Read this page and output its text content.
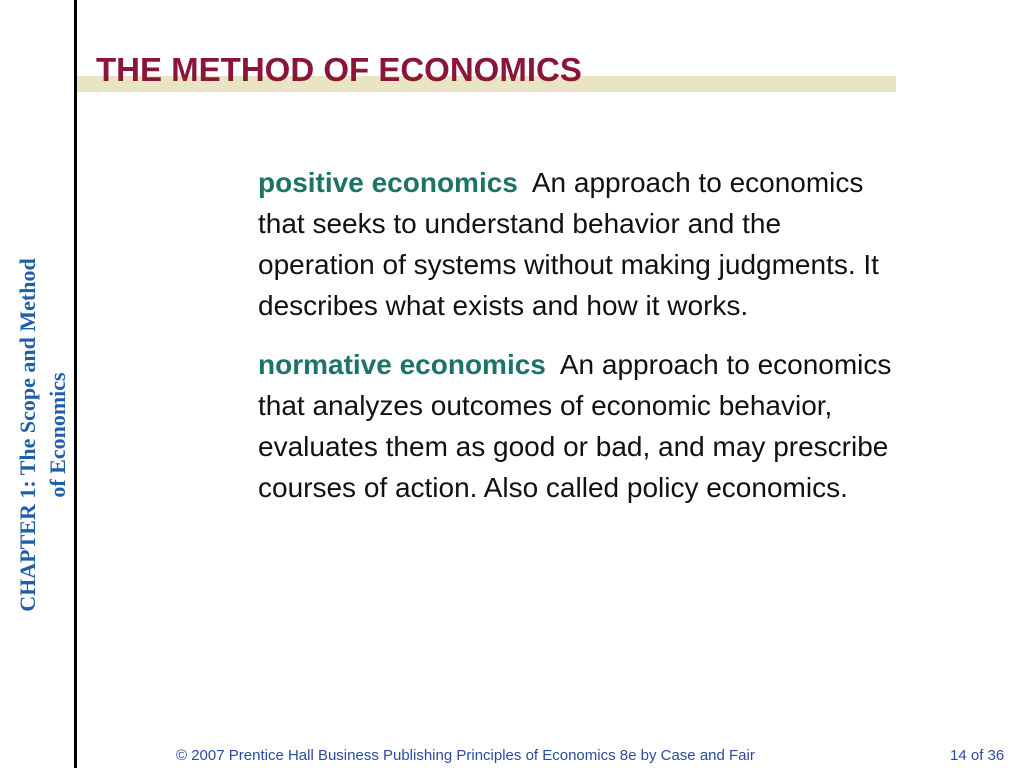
THE METHOD OF ECONOMICS
CHAPTER 1: The Scope and Method of Economics

positive economics An approach to economics that seeks to understand behavior and the operation of systems without making judgments. It describes what exists and how it works.

normative economics An approach to economics that analyzes outcomes of economic behavior, evaluates them as good or bad, and may prescribe courses of action. Also called policy economics.

© 2007 Prentice Hall Business Publishing Principles of Economics 8e by Case and Fair	14 of 36
